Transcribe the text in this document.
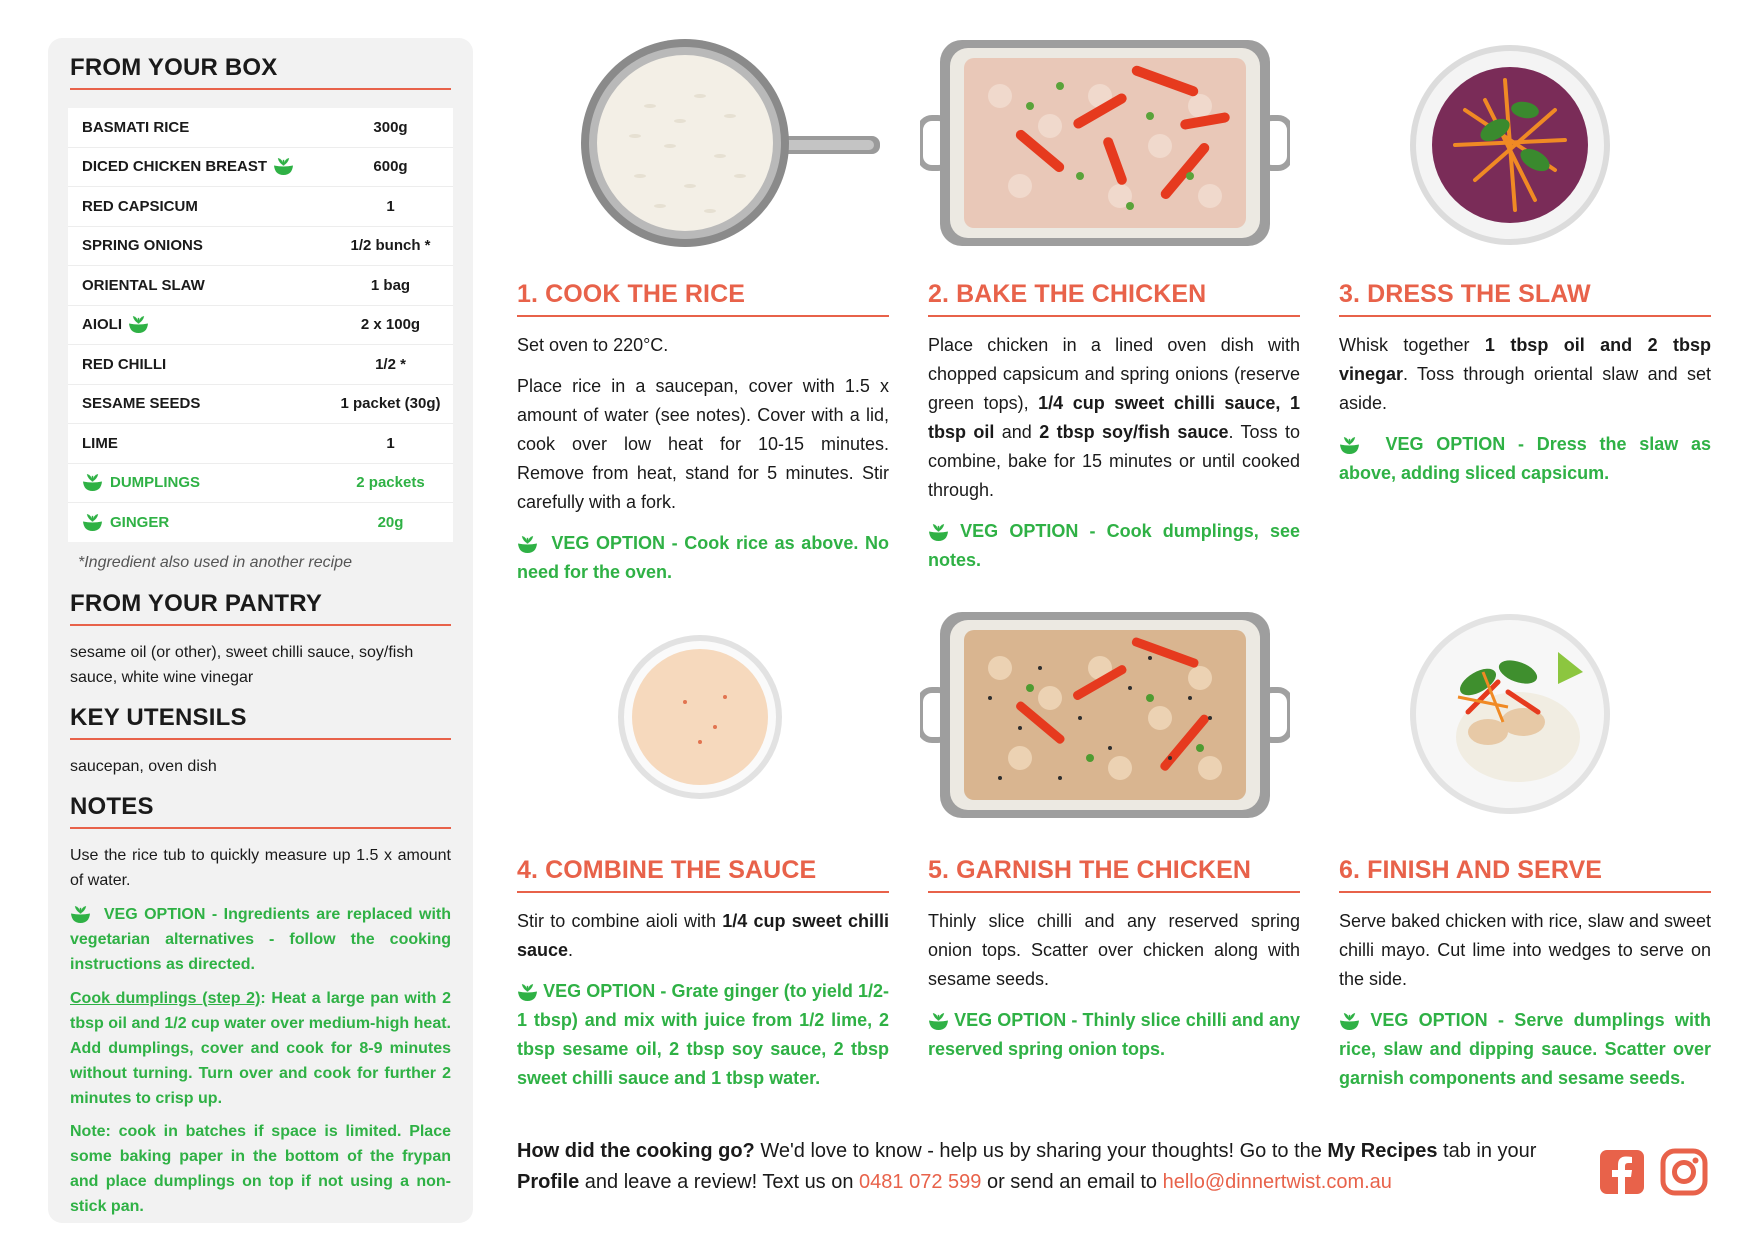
FROM YOUR BOX
BASMATI RICE	300g
DICED CHICKEN BREAST	600g
RED CAPSICUM	1
SPRING ONIONS	1/2 bunch *
ORIENTAL SLAW	1 bag
AIOLI	2 x 100g
RED CHILLI	1/2 *
SESAME SEEDS	1 packet (30g)
LIME	1
DUMPLINGS	2 packets
GINGER	20g
*Ingredient also used in another recipe
FROM YOUR PANTRY
sesame oil (or other), sweet chilli sauce, soy/fish sauce, white wine vinegar
KEY UTENSILS
saucepan, oven dish
NOTES
Use the rice tub to quickly measure up 1.5 x amount of water.
VEG OPTION - Ingredients are replaced with vegetarian alternatives - follow the cooking instructions as directed.
Cook dumplings (step 2): Heat a large pan with 2 tbsp oil and 1/2 cup water over medium-high heat. Add dumplings, cover and cook for 8-9 minutes without turning. Turn over and cook for further 2 minutes to crisp up.
Note: cook in batches if space is limited. Place some baking paper in the bottom of the frypan and place dumplings on top if not using a non-stick pan.
1. COOK THE RICE

Set oven to 220°C.

Place rice in a saucepan, cover with 1.5 x amount of water (see notes). Cover with a lid, cook over low heat for 10-15 minutes. Remove from heat, stand for 5 minutes. Stir carefully with a fork.

VEG OPTION - Cook rice as above. No need for the oven.

2. BAKE THE CHICKEN

Place chicken in a lined oven dish with chopped capsicum and spring onions (reserve green tops), 1/4 cup sweet chilli sauce, 1 tbsp oil and 2 tbsp soy/fish sauce. Toss to combine, bake for 15 minutes or until cooked through.

VEG OPTION - Cook dumplings, see notes.

3. DRESS THE SLAW

Whisk together 1 tbsp oil and 2 tbsp vinegar. Toss through oriental slaw and set aside.

VEG OPTION - Dress the slaw as above, adding sliced capsicum.

4. COMBINE THE SAUCE

Stir to combine aioli with 1/4 cup sweet chilli sauce.

VEG OPTION - Grate ginger (to yield 1/2-1 tbsp) and mix with juice from 1/2 lime, 2 tbsp sesame oil, 2 tbsp soy sauce, 2 tbsp sweet chilli sauce and 1 tbsp water.

5. GARNISH THE CHICKEN

Thinly slice chilli and any reserved spring onion tops. Scatter over chicken along with sesame seeds.

VEG OPTION - Thinly slice chilli and any reserved spring onion tops.

6. FINISH AND SERVE

Serve baked chicken with rice, slaw and sweet chilli mayo. Cut lime into wedges to serve on the side.

VEG OPTION - Serve dumplings with rice, slaw and dipping sauce. Scatter over garnish components and sesame seeds.

How did the cooking go? We'd love to know - help us by sharing your thoughts! Go to the My Recipes tab in your
Profile and leave a review! Text us on 0481 072 599 or send an email to hello@dinnertwist.com.au
